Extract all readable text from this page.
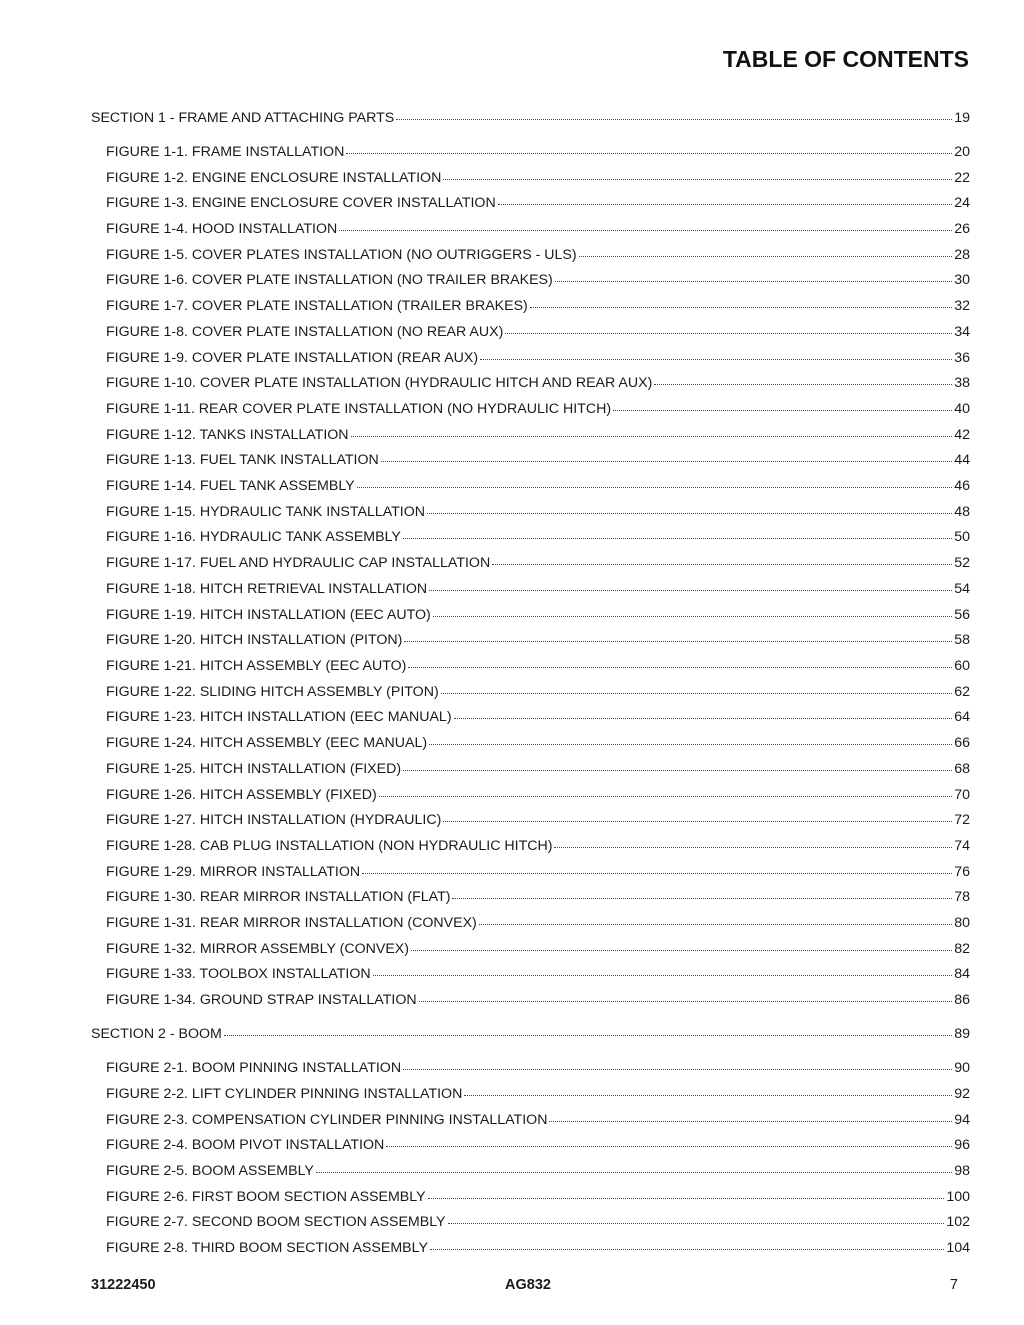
TABLE OF CONTENTS
SECTION 1 - FRAME AND ATTACHING PARTS	19
FIGURE 1-1. FRAME INSTALLATION	20
FIGURE 1-2. ENGINE ENCLOSURE INSTALLATION	22
FIGURE 1-3. ENGINE ENCLOSURE COVER INSTALLATION	24
FIGURE 1-4. HOOD INSTALLATION	26
FIGURE 1-5. COVER PLATES INSTALLATION (NO OUTRIGGERS - ULS)	28
FIGURE 1-6. COVER PLATE INSTALLATION (NO TRAILER BRAKES)	30
FIGURE 1-7. COVER PLATE INSTALLATION (TRAILER BRAKES)	32
FIGURE 1-8. COVER PLATE INSTALLATION (NO REAR AUX)	34
FIGURE 1-9. COVER PLATE INSTALLATION (REAR AUX)	36
FIGURE 1-10. COVER PLATE INSTALLATION (HYDRAULIC HITCH AND REAR AUX)	38
FIGURE 1-11. REAR COVER PLATE INSTALLATION (NO HYDRAULIC HITCH)	40
FIGURE 1-12. TANKS INSTALLATION	42
FIGURE 1-13. FUEL TANK INSTALLATION	44
FIGURE 1-14. FUEL TANK ASSEMBLY	46
FIGURE 1-15. HYDRAULIC TANK INSTALLATION	48
FIGURE 1-16. HYDRAULIC TANK ASSEMBLY	50
FIGURE 1-17. FUEL AND HYDRAULIC CAP INSTALLATION	52
FIGURE 1-18. HITCH RETRIEVAL INSTALLATION	54
FIGURE 1-19. HITCH INSTALLATION (EEC AUTO)	56
FIGURE 1-20. HITCH INSTALLATION (PITON)	58
FIGURE 1-21. HITCH ASSEMBLY (EEC AUTO)	60
FIGURE 1-22. SLIDING HITCH ASSEMBLY (PITON)	62
FIGURE 1-23. HITCH INSTALLATION (EEC MANUAL)	64
FIGURE 1-24. HITCH ASSEMBLY (EEC MANUAL)	66
FIGURE 1-25. HITCH INSTALLATION (FIXED)	68
FIGURE 1-26. HITCH ASSEMBLY (FIXED)	70
FIGURE 1-27. HITCH INSTALLATION (HYDRAULIC)	72
FIGURE 1-28. CAB PLUG INSTALLATION (NON HYDRAULIC HITCH)	74
FIGURE 1-29. MIRROR INSTALLATION	76
FIGURE 1-30. REAR MIRROR INSTALLATION (FLAT)	78
FIGURE 1-31. REAR MIRROR INSTALLATION (CONVEX)	80
FIGURE 1-32. MIRROR ASSEMBLY (CONVEX)	82
FIGURE 1-33. TOOLBOX INSTALLATION	84
FIGURE 1-34. GROUND STRAP INSTALLATION	86
SECTION 2 - BOOM	89
FIGURE 2-1. BOOM PINNING INSTALLATION	90
FIGURE 2-2. LIFT CYLINDER PINNING INSTALLATION	92
FIGURE 2-3. COMPENSATION CYLINDER PINNING INSTALLATION	94
FIGURE 2-4. BOOM PIVOT INSTALLATION	96
FIGURE 2-5. BOOM ASSEMBLY	98
FIGURE 2-6. FIRST BOOM SECTION ASSEMBLY	100
FIGURE 2-7. SECOND BOOM SECTION ASSEMBLY	102
FIGURE 2-8. THIRD BOOM SECTION ASSEMBLY	104
31222450	AG832	7
